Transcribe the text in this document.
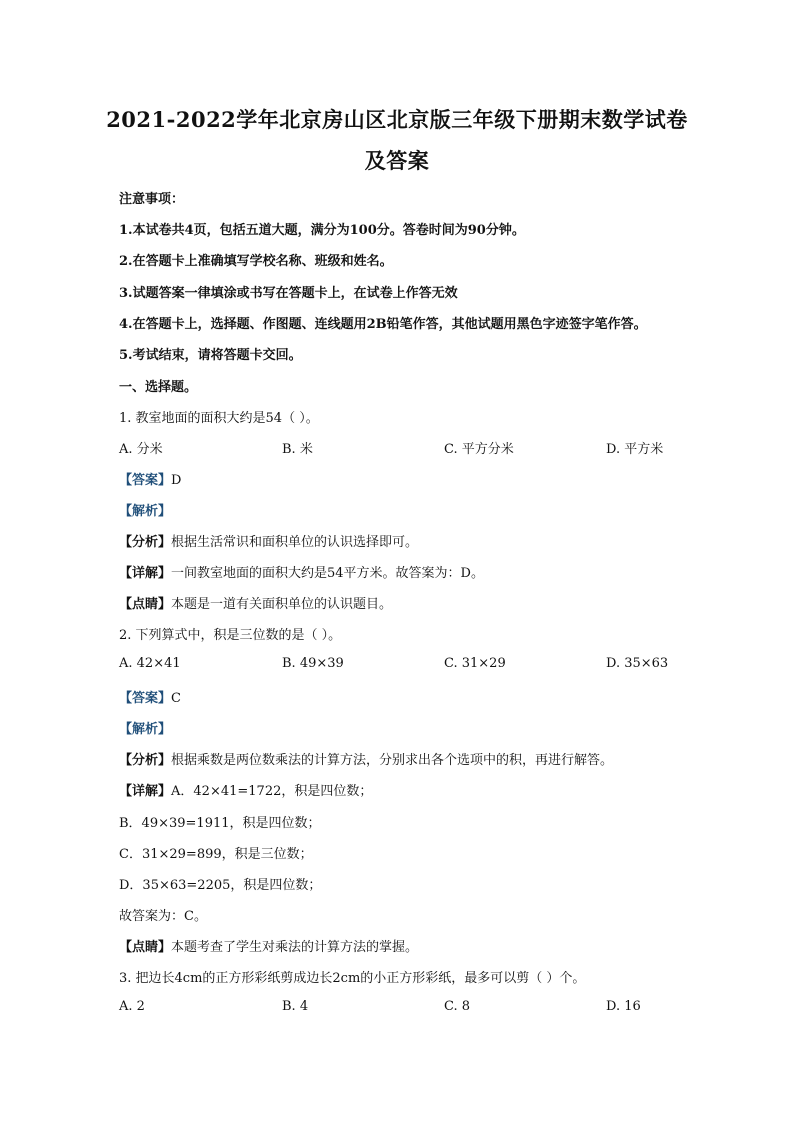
2021-2022学年北京房山区北京版三年级下册期末数学试卷
及答案
注意事项：
1.本试卷共4页，包括五道大题，满分为100分。答卷时间为90分钟。
2.在答题卡上准确填写学校名称、班级和姓名。
3.试题答案一律填涂或书写在答题卡上，在试卷上作答无效
4.在答题卡上，选择题、作图题、连线题用2B铅笔作答，其他试题用黑色字迹签字笔作答。
5.考试结束，请将答题卡交回。
一、选择题。
1. 教室地面的面积大约是54（ ）。
A. 分米	B. 米	C. 平方分米	D. 平方米
【答案】D
【解析】
【分析】根据生活常识和面积单位的认识选择即可。
【详解】一间教室地面的面积大约是54平方米。故答案为：D。
【点睛】本题是一道有关面积单位的认识题目。
2. 下列算式中，积是三位数的是（ ）。
A. 42×41	B. 49×39	C. 31×29	D. 35×63
【答案】C
【解析】
【分析】根据乘数是两位数乘法的计算方法，分别求出各个选项中的积，再进行解答。
【详解】A．42×41=1722，积是四位数；
B．49×39=1911，积是四位数；
C．31×29=899，积是三位数；
D．35×63=2205，积是四位数；
故答案为：C。
【点睛】本题考查了学生对乘法的计算方法的掌握。
3. 把边长4cm的正方形彩纸剪成边长2cm的小正方形彩纸，最多可以剪（ ）个。
A. 2	B. 4	C. 8	D. 16
